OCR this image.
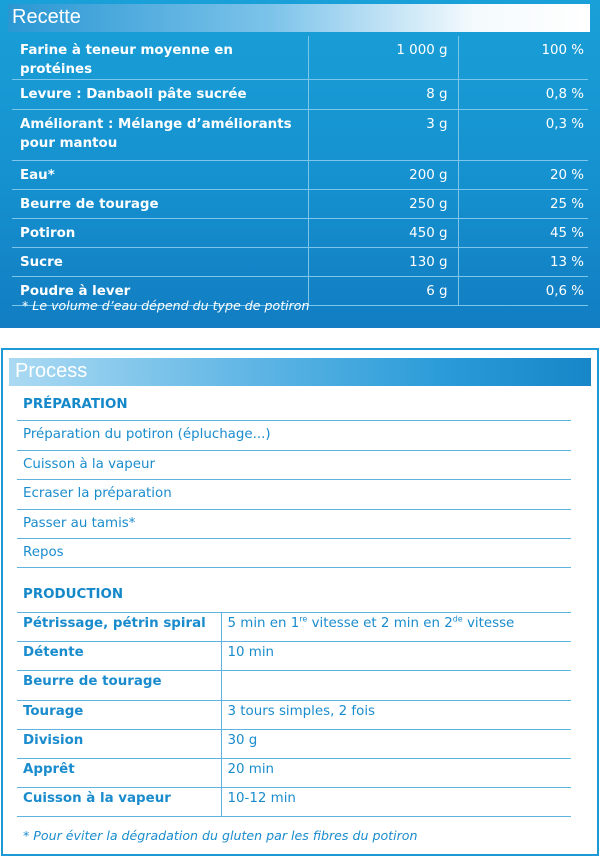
Recette
Farine à teneur moyenne en protéines	1 000 g	100 %
Levure : Danbaoli pâte sucrée	8 g	0,8 %
Améliorant : Mélange d’améliorants pour mantou	3 g	0,3 %
Eau*	200 g	20 %
Beurre de tourage	250 g	25 %
Potiron	450 g	45 %
Sucre	130 g	13 %
Poudre à lever	6 g	0,6 %
* Le volume d’eau dépend du type de potiron
Process
PRÉPARATION
Préparation du potiron (épluchage...)
Cuisson à la vapeur
Ecraser la préparation
Passer au tamis*
Repos
PRODUCTION
Pétrissage, pétrin spiral	5 min en 1re vitesse et 2 min en 2de vitesse
Détente	10 min
Beurre de tourage	
Tourage	3 tours simples, 2 fois
Division	30 g
Apprêt	20 min
Cuisson à la vapeur	10-12 min
* Pour éviter la dégradation du gluten par les fibres du potiron
